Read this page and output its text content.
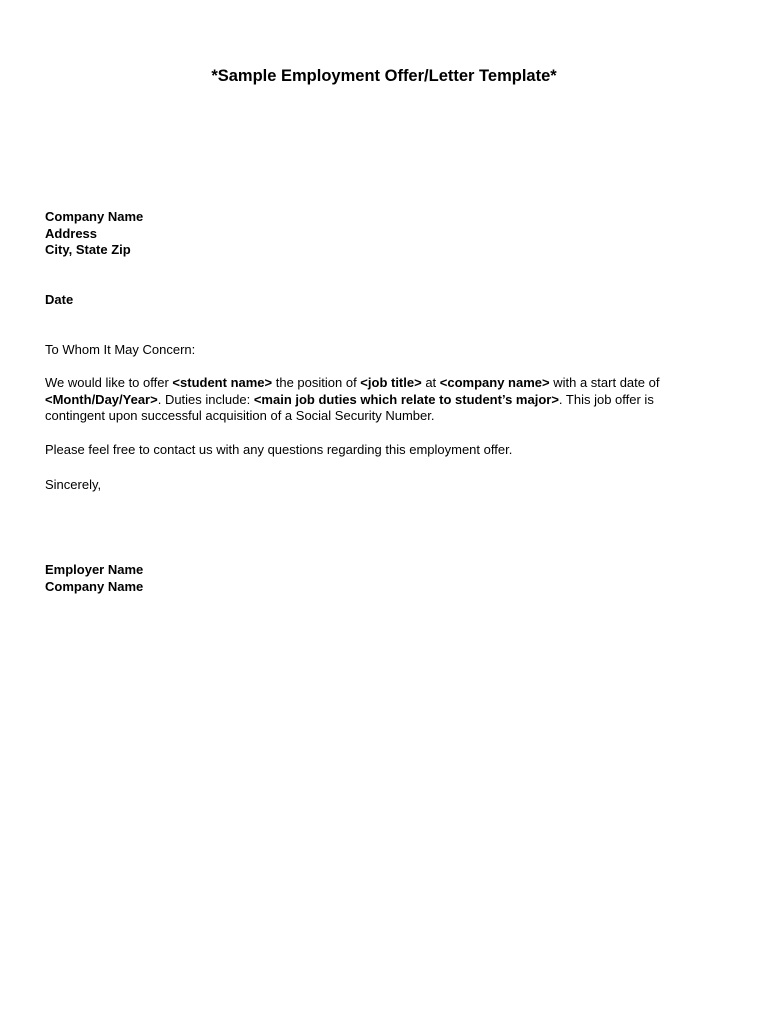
*Sample Employment Offer/Letter Template*
Company Name
Address
City, State Zip
Date
To Whom It May Concern:
We would like to offer <student name> the position of <job title> at <company name> with a start date of
<Month/Day/Year>. Duties include: <main job duties which relate to student’s major>. This job offer is
contingent upon successful acquisition of a Social Security Number.
Please feel free to contact us with any questions regarding this employment offer.
Sincerely,
Employer Name
Company Name
